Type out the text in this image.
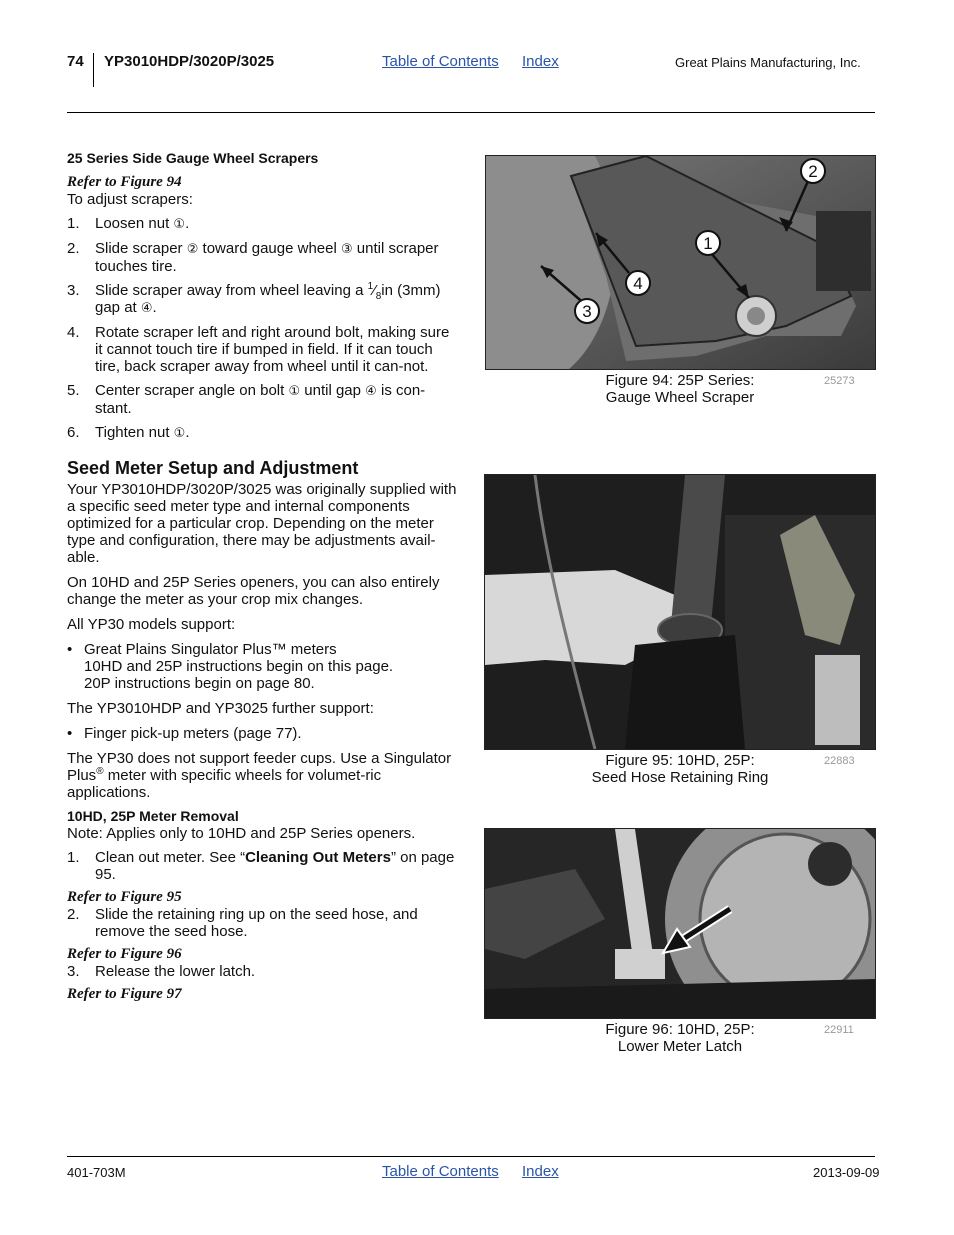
74 YP3010HDP/3020P/3025	Table of Contents Index	Great Plains Manufacturing, Inc.
25 Series Side Gauge Wheel Scrapers
Refer to Figure 94

To adjust scrapers:

1.	Loosen nut ①.
2.	Slide scraper ② toward gauge wheel ③ until scraper touches tire.
3.	Slide scraper away from wheel leaving a $^1⁄_8in$ (3mm) gap at ④.
4.	Rotate scraper left and right around bolt, making sure it cannot touch tire if bumped in field. If it can touch tire, back scraper away from wheel until it can-not.
5.	Center scraper angle on bolt ① until gap ④ is con-stant.
6.	Tighten nut ①.
Seed Meter Setup and Adjustment

Your YP3010HDP/3020P/3025 was originally supplied with a specific seed meter type and internal components optimized for a particular crop. Depending on the meter type and configuration, there may be adjustments avail-able.

On 10HD and 25P Series openers, you can also entirely change the meter as your crop mix changes.

All YP30 models support:

• Great Plains Singulator Plus™ meters
10HD and 25P instructions begin on this page.
20P instructions begin on page 80.

The YP3010HDP and YP3025 further support:

• Finger pick-up meters (page 77).

The YP30 does not support feeder cups. Use a Singulator Plus® meter with specific wheels for volumet-ric applications.

10HD, 25P Meter Removal

Note: Applies only to 10HD and 25P Series openers.

1.	Clean out meter. See “Cleaning Out Meters” on page 95.
Refer to Figure 95
2.	Slide the retaining ring up on the seed hose, and remove the seed hose.
Refer to Figure 96
3.	Release the lower latch.
Refer to Figure 97
2
1
4
3
Figure 94: 25P Series:
Gauge Wheel Scraper
25273
Figure 95: 10HD, 25P:
Seed Hose Retaining Ring
22883
Figure 96: 10HD, 25P:
Lower Meter Latch
22911
401-703M	Table of Contents Index	2013-09-09
